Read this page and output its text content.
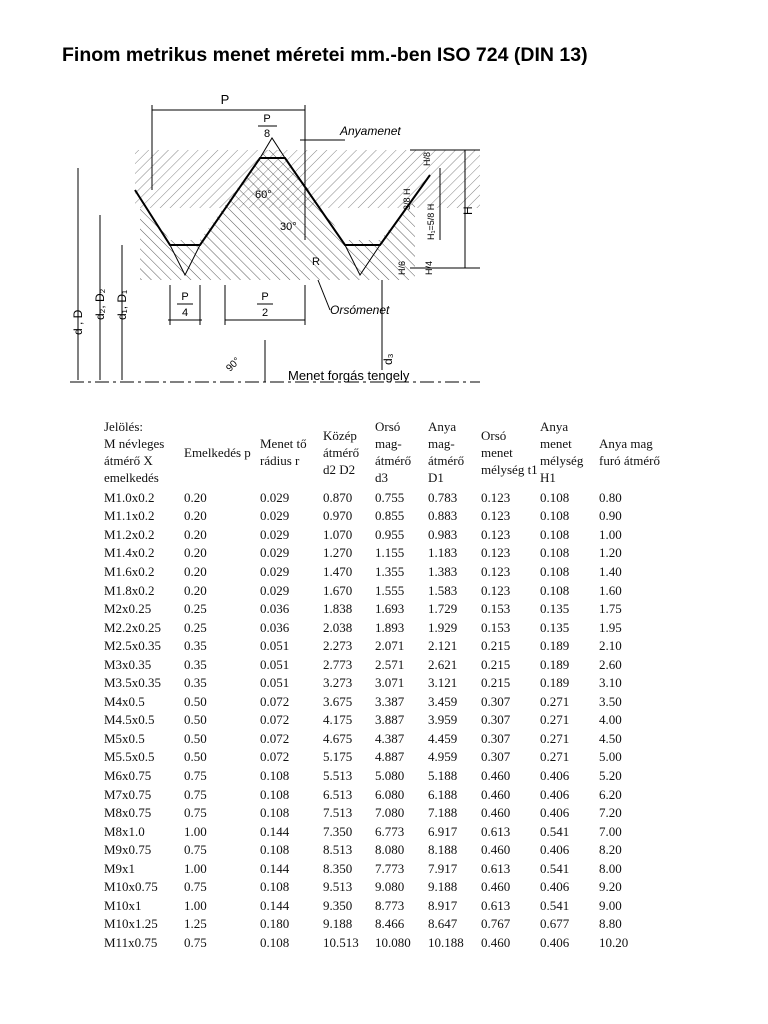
Finom metrikus menet méretei mm.-ben ISO 724 (DIN 13)
P
P
8	Anyamenet
60°
30°
R
H
H/8
H₁=5/8 H
3/8 H
H/6 H/4
d , D
d₂, D₂ d₁, D₁	P
4
P
2	Orsómenet
d₃
90°
Menet forgás tengely
Jelölés:
M névleges átmérő X emelkedés	Emelkedés p	Menet tő rádius r	Közép átmérő d2 D2	Orsó mag-átmérő d3	Anya mag-átmérő D1	Orsó menet mélység t1	Anya menet mélység H1	Anya mag furó átmérő
M1.0x0.2	0.20	0.029	0.870	0.755	0.783	0.123	0.108	0.80
M1.1x0.2	0.20	0.029	0.970	0.855	0.883	0.123	0.108	0.90
M1.2x0.2	0.20	0.029	1.070	0.955	0.983	0.123	0.108	1.00
M1.4x0.2	0.20	0.029	1.270	1.155	1.183	0.123	0.108	1.20
M1.6x0.2	0.20	0.029	1.470	1.355	1.383	0.123	0.108	1.40
M1.8x0.2	0.20	0.029	1.670	1.555	1.583	0.123	0.108	1.60
M2x0.25	0.25	0.036	1.838	1.693	1.729	0.153	0.135	1.75
M2.2x0.25	0.25	0.036	2.038	1.893	1.929	0.153	0.135	1.95
M2.5x0.35	0.35	0.051	2.273	2.071	2.121	0.215	0.189	2.10
M3x0.35	0.35	0.051	2.773	2.571	2.621	0.215	0.189	2.60
M3.5x0.35	0.35	0.051	3.273	3.071	3.121	0.215	0.189	3.10
M4x0.5	0.50	0.072	3.675	3.387	3.459	0.307	0.271	3.50
M4.5x0.5	0.50	0.072	4.175	3.887	3.959	0.307	0.271	4.00
M5x0.5	0.50	0.072	4.675	4.387	4.459	0.307	0.271	4.50
M5.5x0.5	0.50	0.072	5.175	4.887	4.959	0.307	0.271	5.00
M6x0.75	0.75	0.108	5.513	5.080	5.188	0.460	0.406	5.20
M7x0.75	0.75	0.108	6.513	6.080	6.188	0.460	0.406	6.20
M8x0.75	0.75	0.108	7.513	7.080	7.188	0.460	0.406	7.20
M8x1.0	1.00	0.144	7.350	6.773	6.917	0.613	0.541	7.00
M9x0.75	0.75	0.108	8.513	8.080	8.188	0.460	0.406	8.20
M9x1	1.00	0.144	8.350	7.773	7.917	0.613	0.541	8.00
M10x0.75	0.75	0.108	9.513	9.080	9.188	0.460	0.406	9.20
M10x1	1.00	0.144	9.350	8.773	8.917	0.613	0.541	9.00
M10x1.25	1.25	0.180	9.188	8.466	8.647	0.767	0.677	8.80
M11x0.75	0.75	0.108	10.513	10.080	10.188	0.460	0.406	10.20
